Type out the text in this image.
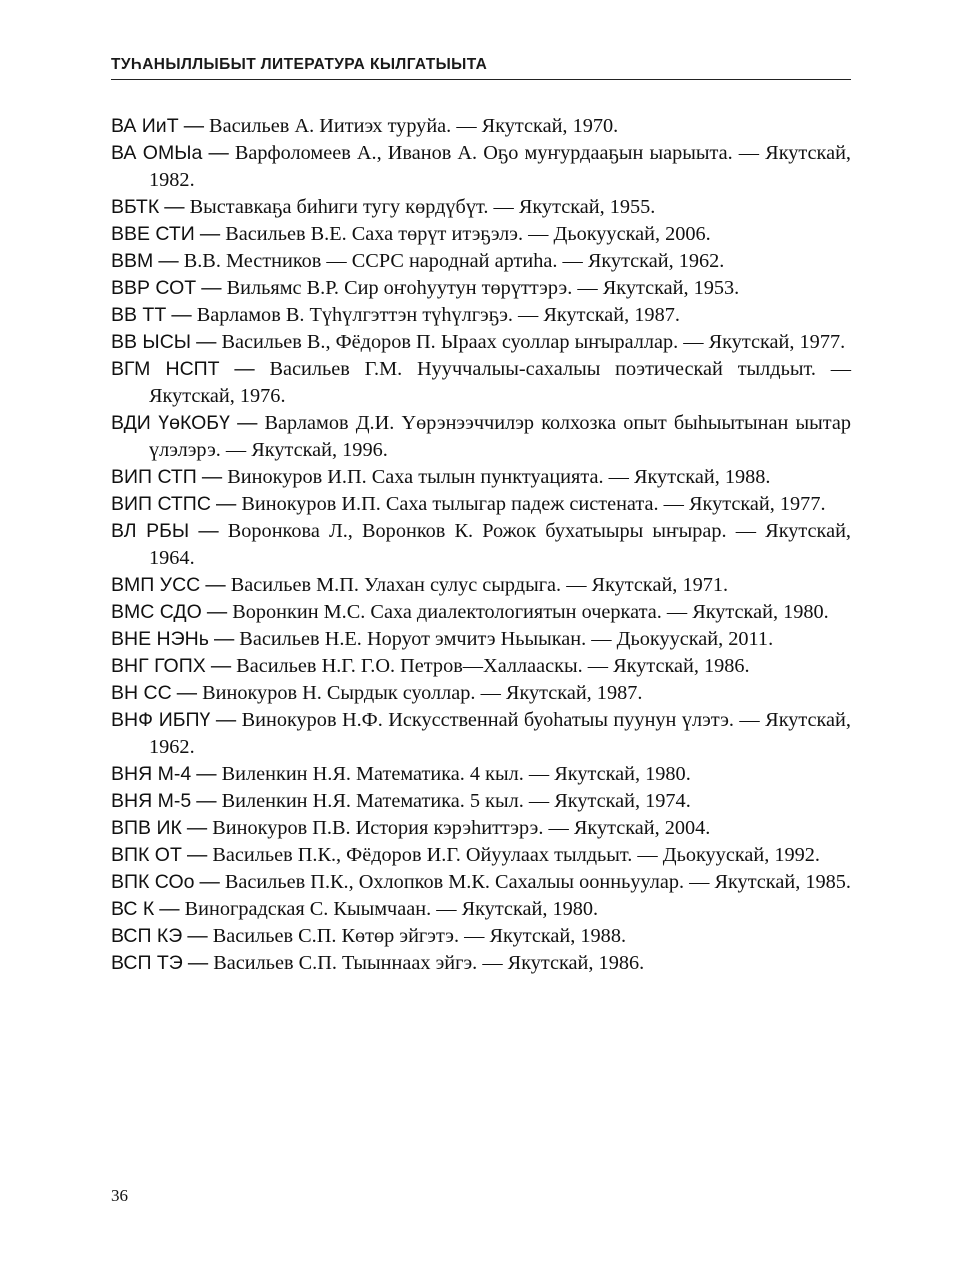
ТУҺАНЫЛЛЫБЫТ ЛИТЕРАТУРА КЫЛГАТЫЫТА

ВА ИиТ — Васильев А. Иитиэх туруйа. — Якутскай, 1970.

ВА ОМЫа — Варфоломеев А., Иванов А. Оҕо муҥурдааҕын ыарыыта. — Якутскай, 1982.

ВБТК — Выставкаҕа биһиги тугу көрдүбүт. — Якутскай, 1955.

ВВЕ СТИ — Васильев В.Е. Саха төрүт итэҕэлэ. — Дьокуускай, 2006.

ВВМ — В.В. Местников — ССРС народнай артиһа. — Якутскай, 1962.

ВВР СОТ — Вильямс В.Р. Сир оҥоһуутун төрүттэрэ. — Якутскай, 1953.

ВВ ТТ — Варламов В. Түһүлгэттэн түһүлгэҕэ. — Якутскай, 1987.

ВВ ЫСЫ — Васильев В., Фёдоров П. Ыраах суоллар ыҥыраллар. — Якутскай, 1977.

ВГМ НСПТ — Васильев Г.М. Нууччалыы-сахалыы поэтическай тылдьыт. — Якутскай, 1976.

ВДИ ҮөКОБҮ — Варламов Д.И. Үөрэнээччилэр колхозка опыт быһыытынан ыытар үлэлэрэ. — Якутскай, 1996.

ВИП СТП — Винокуров И.П. Саха тылын пунктуацията. — Якутскай, 1988.

ВИП СТПС — Винокуров И.П. Саха тылыгар падеж систената. — Якутскай, 1977.

ВЛ РБЫ — Воронкова Л., Воронков К. Рожок бухатыыры ыҥырар. — Якутскай, 1964.

ВМП УСС — Васильев М.П. Улахан сулус сырдыга. — Якутскай, 1971.

ВМС СДО — Воронкин М.С. Саха диалектологиятын очерката. — Якутскай, 1980.

ВНЕ НЭНь — Васильев Н.Е. Норуот эмчитэ Ньыыкан. — Дьокуускай, 2011.

ВНГ ГОПХ — Васильев Н.Г. Г.О. Петров—Халлааскы. — Якутскай, 1986.

ВН СС — Винокуров Н. Сырдык суоллар. — Якутскай, 1987.

ВНФ ИБПҮ — Винокуров Н.Ф. Искусственнай буоһатыы пуунун үлэтэ. — Якутскай, 1962.

ВНЯ М-4 — Виленкин Н.Я. Математика. 4 кыл. — Якутскай, 1980.

ВНЯ М-5 — Виленкин Н.Я. Математика. 5 кыл. — Якутскай, 1974.

ВПВ ИК — Винокуров П.В. История кэрэһиттэрэ. — Якутскай, 2004.

ВПК ОТ — Васильев П.К., Фёдоров И.Г. Ойуулаах тылдьыт. — Дьокуускай, 1992.

ВПК СОо — Васильев П.К., Охлопков М.К. Сахалыы оонньуулар. — Якутскай, 1985.

ВС К — Виноградская С. Кыымчаан. — Якутскай, 1980.

ВСП КЭ — Васильев С.П. Көтөр эйгэтэ. — Якутскай, 1988.

ВСП ТЭ — Васильев С.П. Тыыннаах эйгэ. — Якутскай, 1986.

36
